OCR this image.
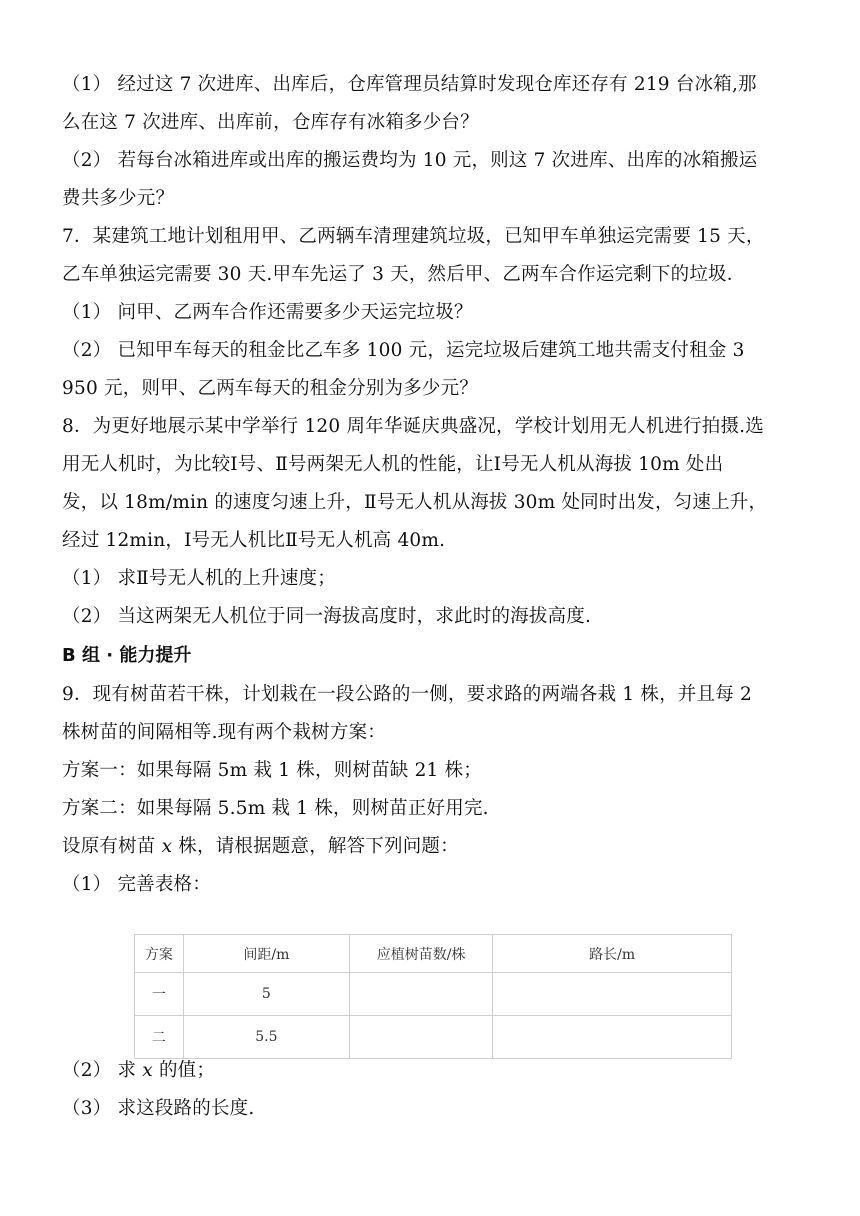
（1） 经过这 7 次进库、出库后，仓库管理员结算时发现仓库还存有 219 台冰箱,那
么在这 7 次进库、出库前，仓库存有冰箱多少台？
（2） 若每台冰箱进库或出库的搬运费均为 10 元，则这 7 次进库、出库的冰箱搬运
费共多少元？
7．某建筑工地计划租用甲、乙两辆车清理建筑垃圾，已知甲车单独运完需要 15 天，
乙车单独运完需要 30 天.甲车先运了 3 天，然后甲、乙两车合作运完剩下的垃圾．
（1） 问甲、乙两车合作还需要多少天运完垃圾？
（2） 已知甲车每天的租金比乙车多 100 元，运完垃圾后建筑工地共需支付租金 3
950 元，则甲、乙两车每天的租金分别为多少元？
8．为更好地展示某中学举行 120 周年华诞庆典盛况，学校计划用无人机进行拍摄.选
用无人机时，为比较Ⅰ号、Ⅱ号两架无人机的性能，让Ⅰ号无人机从海拔 10m 处出
发，以 18m/min 的速度匀速上升，Ⅱ号无人机从海拔 30m 处同时出发，匀速上升，
经过 12min，Ⅰ号无人机比Ⅱ号无人机高 40m.
（1） 求Ⅱ号无人机的上升速度；
（2） 当这两架无人机位于同一海拔高度时，求此时的海拔高度.
B 组 · 能力提升
9．现有树苗若干株，计划栽在一段公路的一侧，要求路的两端各栽 1 株，并且每 2
株树苗的间隔相等.现有两个栽树方案：
方案一：如果每隔 5m 栽 1 株，则树苗缺 21 株；
方案二：如果每隔 5.5m 栽 1 株，则树苗正好用完.
设原有树苗 𝑥 株，请根据题意，解答下列问题：
（1） 完善表格：
方案	间距/m	应植树苗数/株	路长/m
一	5		
二	5.5		
（2） 求 𝑥 的值；
（3） 求这段路的长度.
